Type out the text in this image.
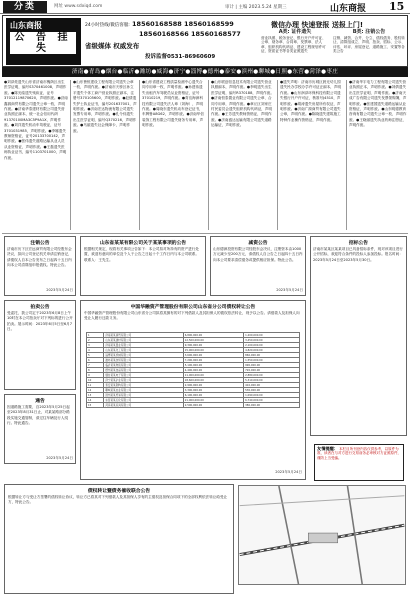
分类	网址 www.sdxiqd.com	审计 | 主编 2023.5.24 星期三	山东商报 15
山东商报
公 告 挂 失
24小时热线/微信客服: 18560168588 18560168599
18560168566 18560168577
省级媒体 权威发布
投诉监督0531-86960609
微信办理 快速登报 送报上门!
A类: 证件遗失
营业执照、税务登记、银行开户许可证、公章、财务章、合同章、发票章、法人章、组织机构代码证、建设工程规划许可证、资质证书等各类证照遗失
B类: 注销公告
注销、减资、合并、分立、债权债务、股权转让、清算组成立、声明、拍卖、招标、公示、评估、环评、房屋登记、道路施工、安置等各类公告
济南●青岛●烟台●临沂●潍坊●威海●济宁●淄博●德州●泰安●滨州●聊城●日照●东营●菏泽●枣庄
●刘泽炫遗失山东省济南市槐荫区出生医学证明，编号S370461008，声明作废。●陈光临遗失残疾证，证号37012119870620，声明作废。●济南鑫源商贸有限公司遗失公章一枚，声明作废。●济南华泰建材有限公司遗失营业执照正副本，统一社会信用代码91370100MA3C5P9A1X，声明作废。●刘洋遗失机动车驾驶证，证号3701031985，声明作废。●李娜遗失教师资格证，证号20133700142，声明作废。●张伟遗失道路运输从业人员从业资格证，声明作废。●王磊遗失医师执业证书，编号1103701000，声明作废。
●山东鲁恒建设工程有限公司遗失公章一枚，声明作废。●济南市天桥区孙立平遗失个体工商户营业执照正副本，注册号370105600，声明作废。●赵倩遗失护士执业证书，编号201637001，声明作废。●济南宏达物流有限公司遗失发票专用章，声明作废。●孔令伟遗失出生医学证明，编号Q370216，声明作废。●马丽遗失社会保障卡，声明作废。
●山东省建设工程质量检测中心遗失合同专用章一枚，声明作废。●孙建伟遗失出租汽车驾驶员从业资格证，证号37010219，声明作废。●青岛海润科技有限公司遗失法人章（刘海），声明作废。●周晓东遗失机动车登记证书，车牌鲁A8G62，声明作废。●济南华信装饰工程有限公司遗失财务专用章，声明作废。
●山东联创信息技术有限公司遗失营业执照副本，声明作废。●李明遗失出生医学证明，编号R370188，声明作废。●济南恒泰置业有限公司遗失公章、合同专用章，声明作废。●章丘区刘家庄村民委员会遗失组织机构代码证，声明作废。●王芳遗失教师资格证，声明作废。●济南盛达运输有限公司遗失道路运输证，声明作废。
●遗失声明：济南市历城区晨光幼儿园遗失民办学校办学许可证正副本，声明作废。●山东润泽环保科技有限公司遗失银行开户许可证，核准号J4510，声明作废。●胡涛遗失房屋所有权证，声明作废。●济南广源商贸有限公司遗失公章，声明作废。●陈晓遗失建筑施工特种作业操作资格证，声明作废。
●济南华宇电力工程有限公司遗失营业执照正本，声明作废。●刘倩遗失出生医学证明，声明作废。●济南天成广告有限公司遗失发票领购簿，声明作废。●张建国遗失道路运输从业资格证，声明作废。●山东明德教育咨询有限公司遗失公章一枚，声明作废。●王晓丽遗失执业药师注册证，声明作废。
注销公告
济南市历下区宏远商贸有限公司经股东会决议，拟向公司登记机关申请注销登记，请债权人自本公告发布之日起四十五日内向本公司清算组申报债权。特此公告。
2023年5月24日
山东省某某有限公司关于某某事项的公告
根据相关规定，现将有关事项公告如下：本公司拟对所持有的资产进行处置，欢迎有意向的单位及个人于公告之日起十个工作日内与本公司联系。联系人：王先生。
减资公告
山东德润投资有限公司经股东会决议，注册资本由1000万元减少至200万元，请债权人自公告之日起四十五日内向本公司要求清偿债务或提供相应担保。特此公告。
2023年5月24日
招标公告
济南市某某区某某项目已具备招标条件，现对该项目进行公开招标，欢迎符合条件的投标人参加投标。报名时间：2023年5月24日至2023年5月30日。
拍卖公告
受委托，我公司定于2023年6月8日上午10时在本公司拍卖厅对下列标的进行公开拍卖。展示时间：2023年6月5日至6月7日。
通告
因道路施工需要，自2023年5月25日起至2023年8月31日止，对某某路部分路段实施交通管制，请过往车辆及行人绕行。特此通告。
2023年5月24日
中国华融资产管理股份有限公司山东省分公司债权转让公告
中国华融资产管理股份有限公司山东省分公司拟将其拥有的对下列借款人及其担保人的债权依法转让，现予以公告。请借款人及担保人向受让人履行还款义务。
1	济南某某商贸有限公司	6,800,000.00	1,200,000.00
2	山东某某建材有限公司	12,500,000.00	3,450,000.00
3	济南某某置业有限公司	9,300,000.00	2,100,000.00
4	山东某某化工有限公司	15,000,000.00	4,820,000.00
5	淄博某某机械有限公司	3,600,000.00	860,000.00
6	潍坊某某纺织有限公司	7,200,000.00	1,550,000.00
7	临沂某某物流有限公司	5,100,000.00	990,000.00
8	德州某某食品有限公司	4,400,000.00	720,000.00
9	烟台某某电子有限公司	11,000,000.00	2,880,000.00
10	济宁某某矿业有限公司	18,600,000.00	5,310,000.00
11	泰安某某钢构有限公司	2,900,000.00	410,000.00
12	聊城某某农业有限公司	3,300,000.00	530,000.00
13	滨州某某贸易有限公司	6,100,000.00	1,090,000.00
14	东营某某石化有限公司	21,000,000.00	6,740,000.00
15	菏泽某某家具有限公司	2,500,000.00	380,000.00
2023年5月24日
友情提醒： 本栏目所刊登内容仅供参考，以原件为准，读者在与对方进行交易前务必审核对方证照原件，谨防上当受骗。
债权转让暨债务催收联合公告
根据转让方与受让方签署的债权转让协议，转让方已将其对下列借款人及其担保人享有的主债权及担保合同项下的全部权利依法转让给受让方，特此公告。
